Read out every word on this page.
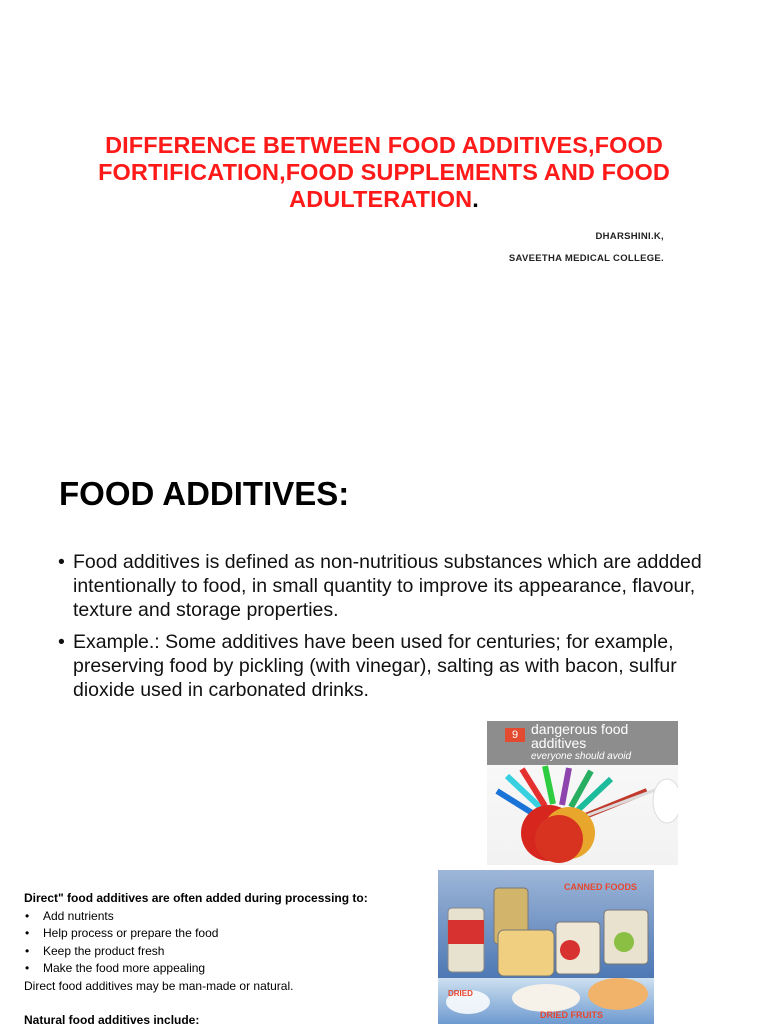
DIFFERENCE BETWEEN FOOD ADDITIVES,FOOD FORTIFICATION,FOOD SUPPLEMENTS AND FOOD ADULTERATION.
DHARSHINI.K,
SAVEETHA MEDICAL COLLEGE.
FOOD ADDITIVES:
• Food additives is defined as non-nutritious substances which are addded intentionally to food, in small quantity to improve its appearance, flavour, texture and storage properties.
• Example.: Some additives have been used for centuries; for example, preserving food by pickling (with vinegar), salting as with bacon, sulfur dioxide used in carbonated drinks.
9 dangerous food
additives
everyone should avoid
Direct" food additives are often added during processing to:
• Add nutrients
• Help process or prepare the food
• Keep the product fresh
• Make the food more appealing
Direct food additives may be man-made or natural.
Natural food additives include:
CANNED FOODS
DRIED
DRIED FRUITS
